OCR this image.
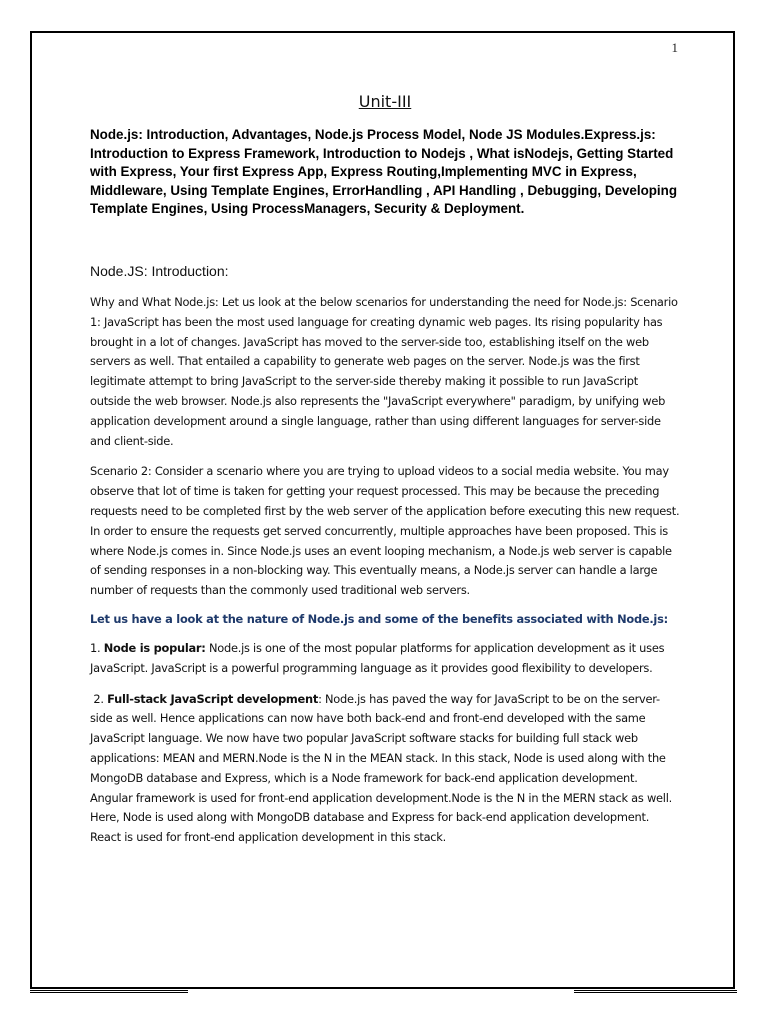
1
Unit-III
Node.js: Introduction, Advantages, Node.js Process Model, Node JS Modules.Express.js: Introduction to Express Framework, Introduction to Nodejs , What isNodejs, Getting Started with Express, Your first Express App, Express Routing,Implementing MVC in Express, Middleware, Using Template Engines, ErrorHandling , API Handling , Debugging, Developing Template Engines, Using ProcessManagers, Security & Deployment.
Node.JS: Introduction:

Why and What Node.js: Let us look at the below scenarios for understanding the need for Node.js: Scenario 1: JavaScript has been the most used language for creating dynamic web pages. Its rising popularity has brought in a lot of changes. JavaScript has moved to the server-side too, establishing itself on the web servers as well. That entailed a capability to generate web pages on the server. Node.js was the first legitimate attempt to bring JavaScript to the server-side thereby making it possible to run JavaScript outside the web browser. Node.js also represents the "JavaScript everywhere" paradigm, by unifying web application development around a single language, rather than using different languages for server-side and client-side.

Scenario 2: Consider a scenario where you are trying to upload videos to a social media website. You may observe that lot of time is taken for getting your request processed. This may be because the preceding requests need to be completed first by the web server of the application before executing this new request. In order to ensure the requests get served concurrently, multiple approaches have been proposed. This is where Node.js comes in. Since Node.js uses an event looping mechanism, a Node.js web server is capable of sending responses in a non-blocking way. This eventually means, a Node.js server can handle a large number of requests than the commonly used traditional web servers.

Let us have a look at the nature of Node.js and some of the benefits associated with Node.js:

1. Node is popular: Node.js is one of the most popular platforms for application development as it uses JavaScript. JavaScript is a powerful programming language as it provides good flexibility to developers.

2. Full-stack JavaScript development: Node.js has paved the way for JavaScript to be on the server-side as well. Hence applications can now have both back-end and front-end developed with the same JavaScript language. We now have two popular JavaScript software stacks for building full stack web applications: MEAN and MERN.Node is the N in the MEAN stack. In this stack, Node is used along with the MongoDB database and Express, which is a Node framework for back-end application development. Angular framework is used for front-end application development.Node is the N in the MERN stack as well. Here, Node is used along with MongoDB database and Express for back-end application development. React is used for front-end application development in this stack.
